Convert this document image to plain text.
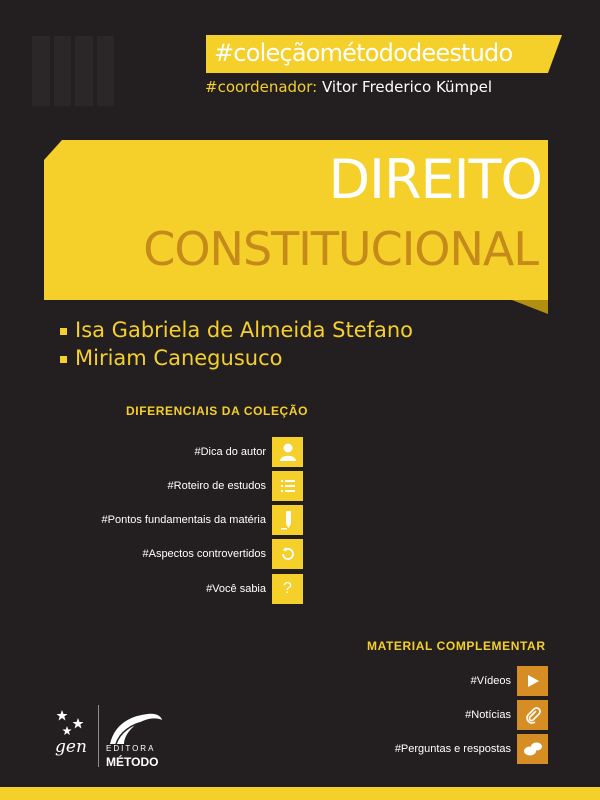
#coleçãométododeestudo
#coordenador: Vitor Frederico Kümpel
DIREITO
CONSTITUCIONAL
Isa Gabriela de Almeida Stefano
Miriam Canegusuco
DIFERENCIAIS DA COLEÇÃO
#Dica do autor
#Roteiro de estudos
#Pontos fundamentais da matéria
#Aspectos controvertidos
#Você sabia	?
MATERIAL COMPLEMENTAR
#Vídeos
#Notícias
#Perguntas e respostas
gen EDITORA
MÉTODO
